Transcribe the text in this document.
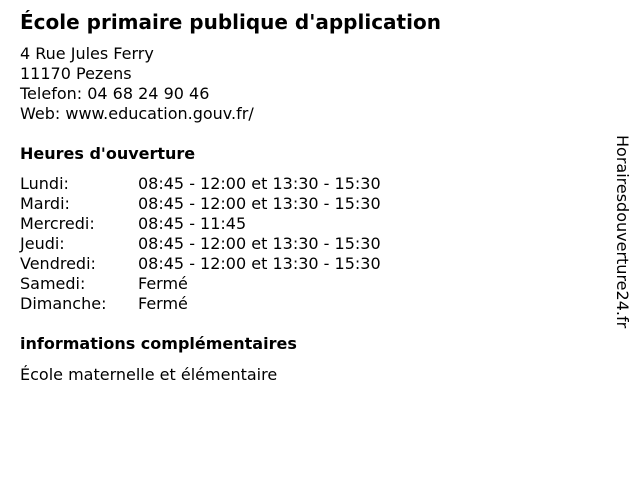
École primaire publique d'application
4 Rue Jules Ferry
11170 Pezens
Telefon: 04 68 24 90 46
Web: www.education.gouv.fr/
Heures d'ouverture
Lundi:	08:45 - 12:00 et 13:30 - 15:30
Mardi:	08:45 - 12:00 et 13:30 - 15:30
Mercredi:	08:45 - 11:45
Jeudi:	08:45 - 12:00 et 13:30 - 15:30
Vendredi:	08:45 - 12:00 et 13:30 - 15:30
Samedi:	Fermé
Dimanche:	Fermé
informations complémentaires
École maternelle et élémentaire
Horairesdouverture24.fr
